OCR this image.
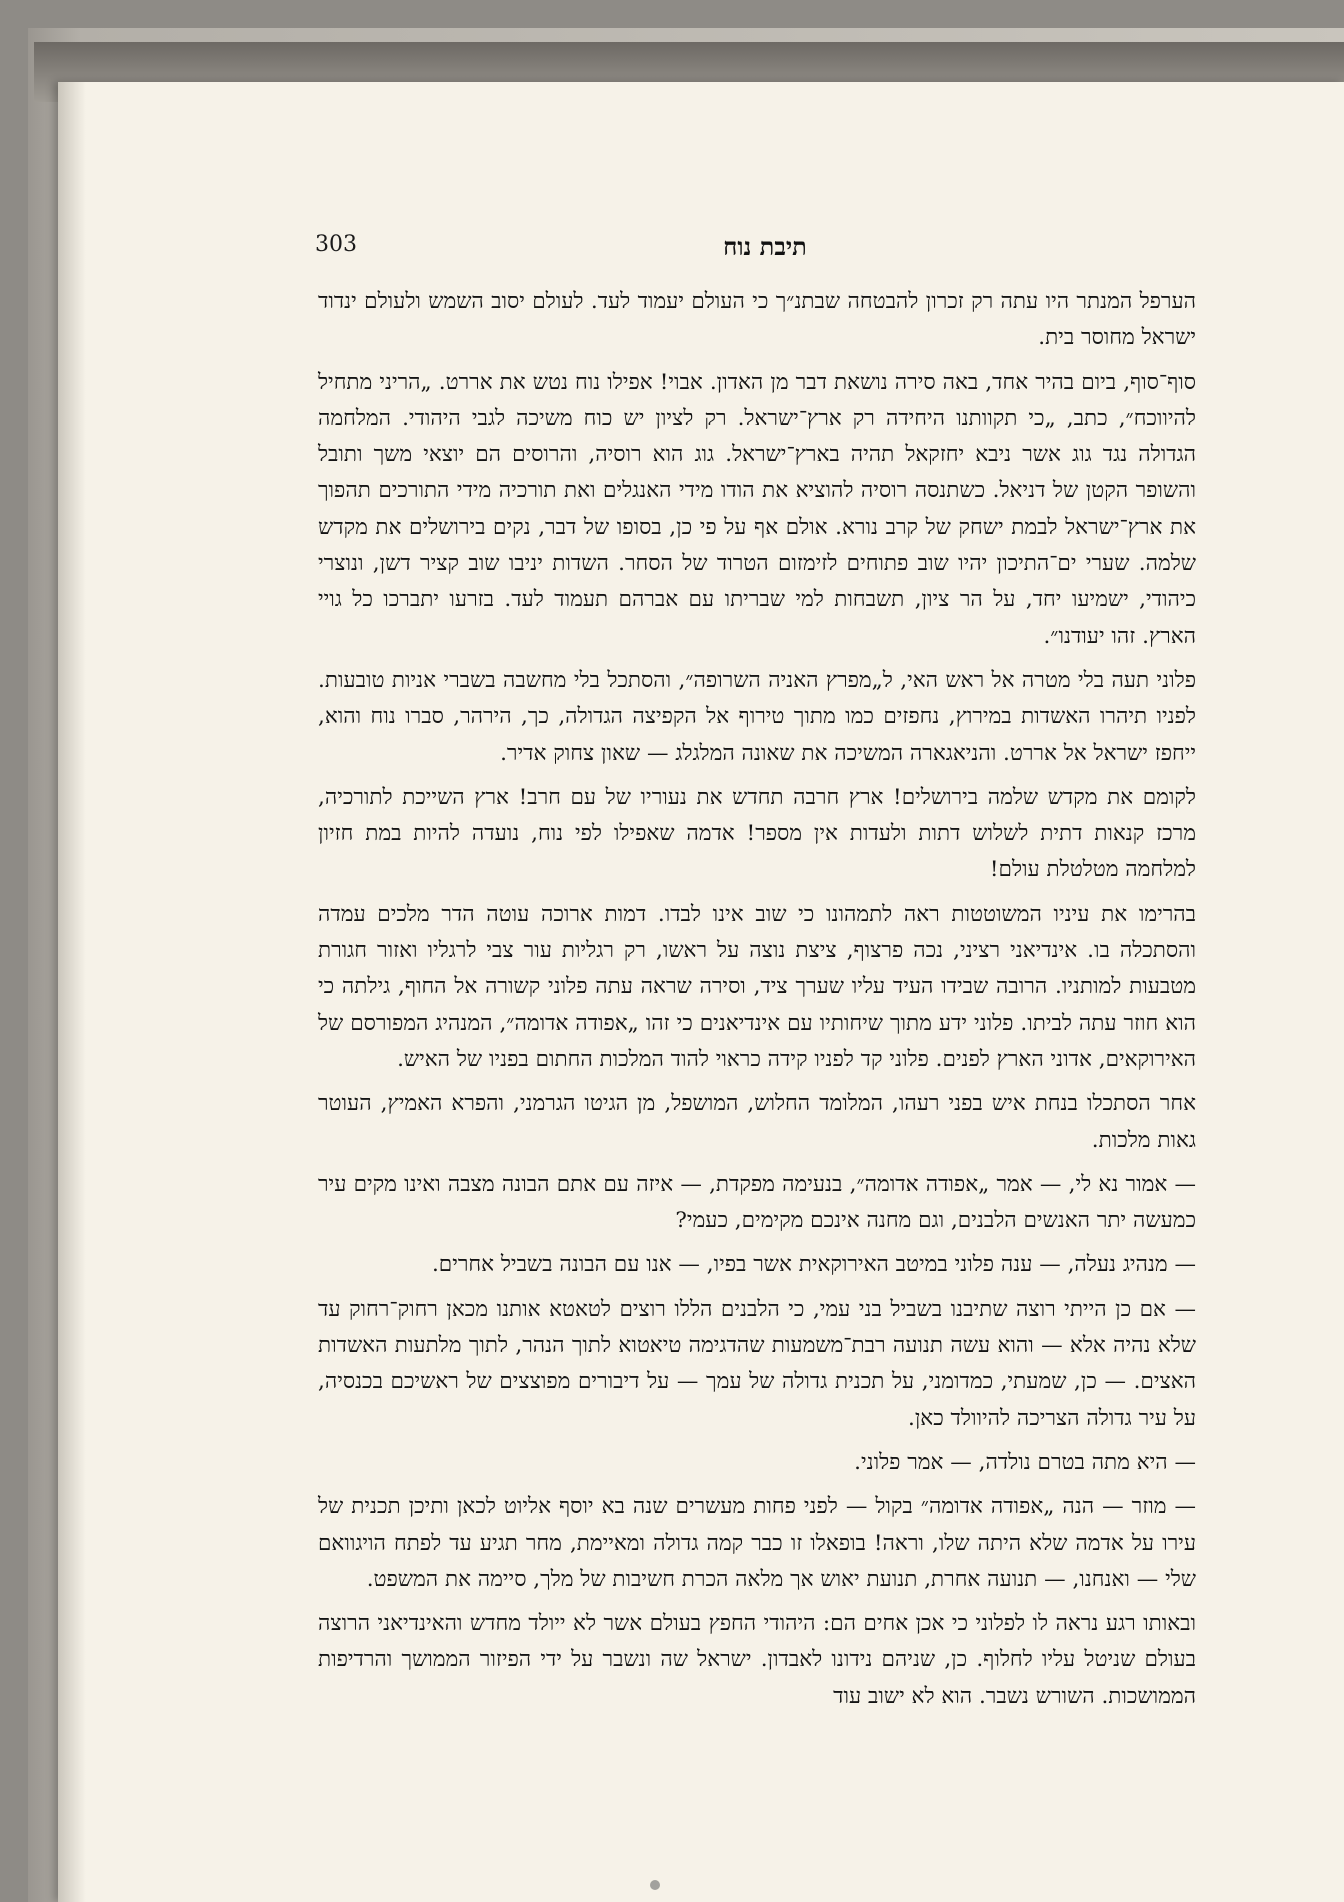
303	תיבת נוח

הערפל המנתר היו עתה רק זכרון להבטחה שבתנ״ך כי העולם יעמוד לעד. לעולם יסוב השמש ולעולם ינדוד ישראל מחוסר בית.

סוף־סוף, ביום בהיר אחד, באה סירה נושאת דבר מן האדון. אבוי! אפילו נוח נטש את אררט. „הריני מתחיל להיווכח״, כתב, „כי תקוותנו היחידה רק ארץ־ישראל. רק לציון יש כוח משיכה לגבי היהודי. המלחמה הגדולה נגד גוג אשר ניבא יחזקאל תהיה בארץ־ישראל. גוג הוא רוסיה, והרוסים הם יוצאי משך ותובל והשופר הקטן של דניאל. כשתנסה רוסיה להוציא את הודו מידי האנגלים ואת תורכיה מידי התורכים תהפוך את ארץ־ישראל לבמת ישחק של קרב נורא. אולם אף על פי כן, בסופו של דבר, נקים בירושלים את מקדש שלמה. שערי ים־התיכון יהיו שוב פתוחים לזימזום הטרוד של הסחר. השדות יניבו שוב קציר דשן, ונוצרי כיהודי, ישמיעו יחד, על הר ציון, תשבחות למי שבריתו עם אברהם תעמוד לעד. בזרעו יתברכו כל גויי הארץ. זהו יעודנו״.

פלוני תעה בלי מטרה אל ראש האי, ל„מפרץ האניה השרופה״, והסתכל בלי מחשבה בשברי אניות טובעות. לפניו תיהרו האשדות במירוץ, נחפזים כמו מתוך טירוף אל הקפיצה הגדולה, כך, הירהר, סברו נוח והוא, ייחפז ישראל אל אררט. והניאגארה המשיכה את שאונה המלגלג — שאון צחוק אדיר.

לקומם את מקדש שלמה בירושלים! ארץ חרבה תחדש את נעוריו של עם חרב! ארץ השייכת לתורכיה, מרכז קנאות דתית לשלוש דתות ולעדות אין מספר! אדמה שאפילו לפי נוח, נועדה להיות במת חזיון למלחמה מטלטלת עולם!

בהרימו את עיניו המשוטטות ראה לתמהונו כי שוב אינו לבדו. דמות ארוכה עוטה הדר מלכים עמדה והסתכלה בו. אינדיאני רציני, נכה פרצוף, ציצת נוצה על ראשו, רק רגליות עור צבי לרגליו ואזור חגורת מטבעות למותניו. הרובה שבידו העיד עליו שערך ציד, וסירה שראה עתה פלוני קשורה אל החוף, גילתה כי הוא חוזר עתה לביתו. פלוני ידע מתוך שיחותיו עם אינדיאנים כי זהו „אפודה אדומה״, המנהיג המפורסם של האירוקאים, אדוני הארץ לפנים. פלוני קד לפניו קידה כראוי להוד המלכות החתום בפניו של האיש.

אחר הסתכלו בנחת איש בפני רעהו, המלומד החלוש, המושפל, מן הגיטו הגרמני, והפרא האמיץ, העוטר גאות מלכות.

— אמור נא לי, — אמר „אפודה אדומה״, בנעימה מפקדת, — איזה עם אתם הבונה מצבה ואינו מקים עיר כמעשה יתר האנשים הלבנים, וגם מחנה אינכם מקימים, כעמי?

— מנהיג נעלה, — ענה פלוני במיטב האירוקאית אשר בפיו, — אנו עם הבונה בשביל אחרים.

— אם כן הייתי רוצה שתיבנו בשביל בני עמי, כי הלבנים הללו רוצים לטאטא אותנו מכאן רחוק־רחוק עד שלא נהיה אלא — והוא עשה תנועה רבת־משמעות שהדגימה טיאטוא לתוך הנהר, לתוך מלתעות האשדות האצים. — כן, שמעתי, כמדומני, על תכנית גדולה של עמך — על דיבורים מפוצצים של ראשיכם בכנסיה, על עיר גדולה הצריכה להיוולד כאן.

— היא מתה בטרם נולדה, — אמר פלוני.

— מוזר — הנה „אפודה אדומה״ בקול — לפני פחות מעשרים שנה בא יוסף אליוט לכאן ותיכן תכנית של עירו על אדמה שלא היתה שלו, וראה! בופאלו זו כבר קמה גדולה ומאיימת, מחר תגיע עד לפתח הויגוואם שלי — ואנחנו, — תנועה אחרת, תנועת יאוש אך מלאה הכרת חשיבות של מלך, סיימה את המשפט.

ובאותו רגע נראה לו לפלוני כי אכן אחים הם: היהודי החפץ בעולם אשר לא ייולד מחדש והאינדיאני הרוצה בעולם שניטל עליו לחלוף. כן, שניהם נידונו לאבדון. ישראל שה ונשבר על ידי הפיזור הממושך והרדיפות הממושכות. השורש נשבר. הוא לא ישוב עוד
